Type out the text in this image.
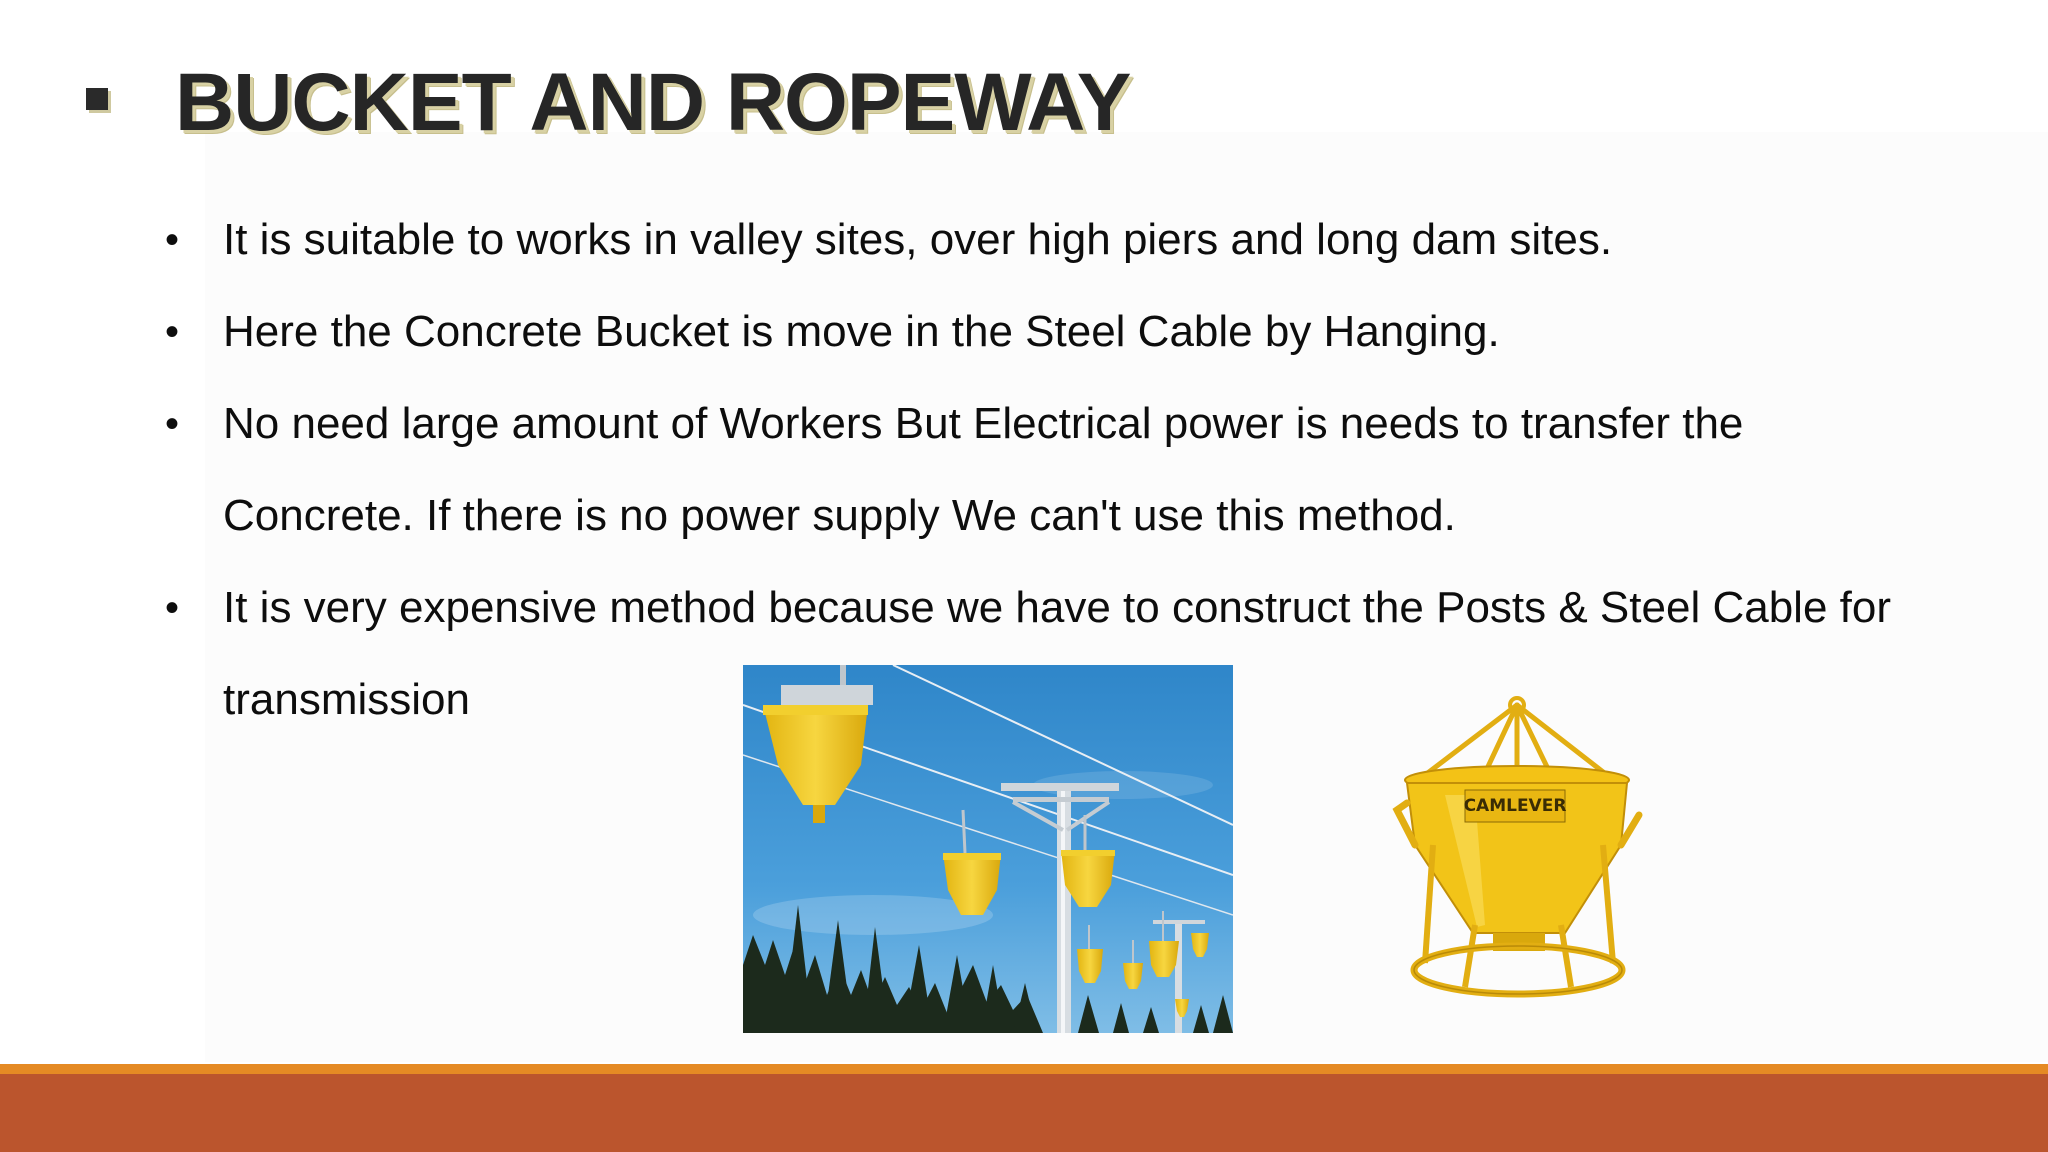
BUCKET AND ROPEWAY
• It is suitable to works in valley sites, over high piers and long dam sites.
• Here the Concrete Bucket is move in the Steel Cable by Hanging.
• No need large amount of Workers But Electrical power is needs to transfer the Concrete. If there is no power supply We can't use this method.
• It is very expensive method because we have to construct the Posts & Steel Cable for transmission
CAMLEVER
